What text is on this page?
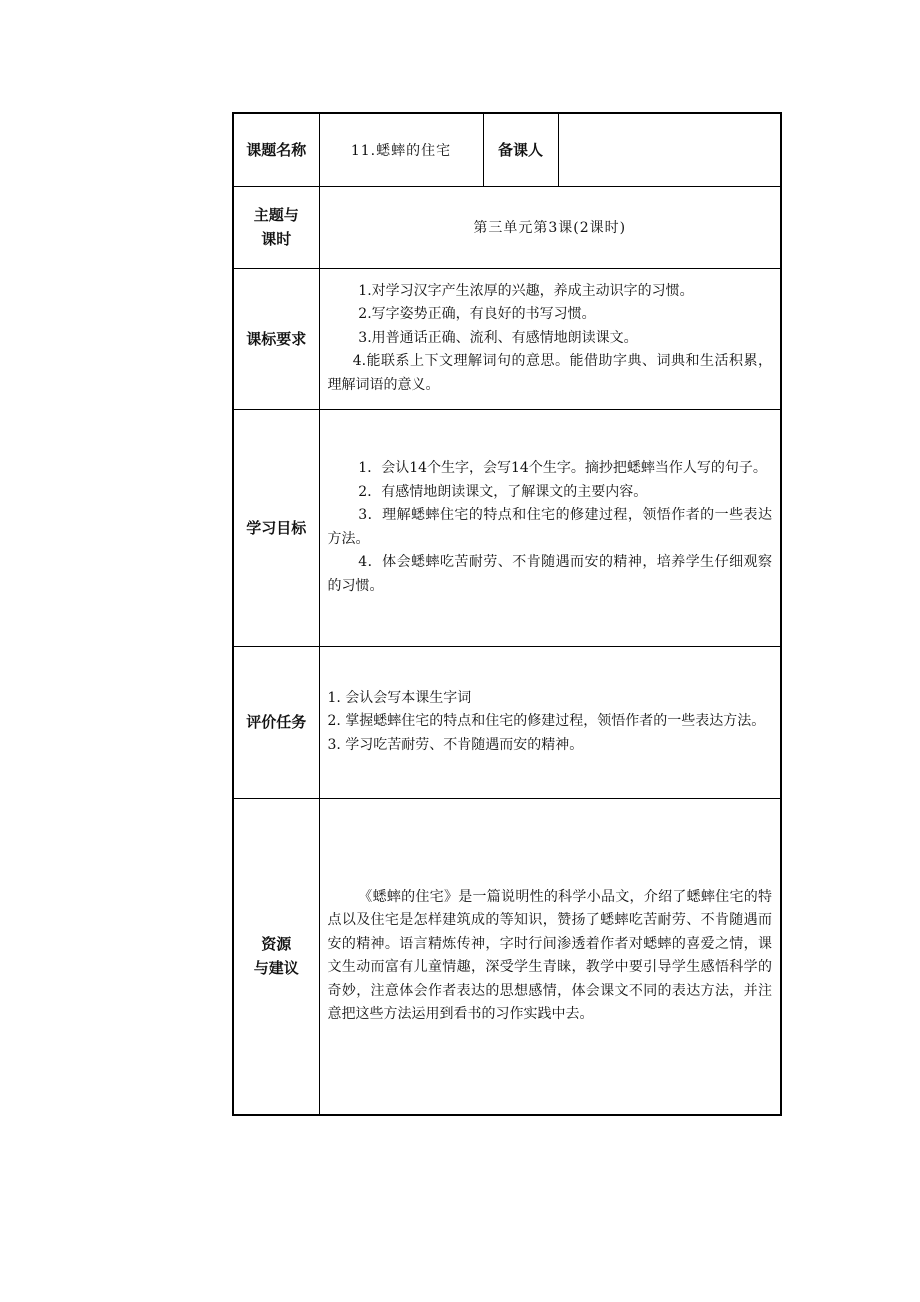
课题名称	11.蟋蟀的住宅	备课人	

主题与
课时	第三单元第3课(2课时)		
课标要求	1.对学习汉字产生浓厚的兴趣，养成主动识字的习惯。

2.写字姿势正确，有良好的书写习惯。

3.用普通话正确、流利、有感情地朗读课文。

4.能联系上下文理解词句的意思。能借助字典、词典和生活积累，理解词语的意义。		

学习目标	1．会认14个生字，会写14个生字。摘抄把蟋蟀当作人写的句子。

2．有感情地朗读课文，了解课文的主要内容。

3．理解蟋蟀住宅的特点和住宅的修建过程，领悟作者的一些表达方法。

4．体会蟋蟀吃苦耐劳、不肯随遇而安的精神，培养学生仔细观察的习惯。		

评价任务	1. 会认会写本课生字词

2. 掌握蟋蟀住宅的特点和住宅的修建过程，领悟作者的一些表达方法。

3. 学习吃苦耐劳、不肯随遇而安的精神。		

资源
与建议	《蟋蟀的住宅》是一篇说明性的科学小品文，介绍了蟋蟀住宅的特点以及住宅是怎样建筑成的等知识，赞扬了蟋蟀吃苦耐劳、不肯随遇而安的精神。语言精炼传神，字时行间渗透着作者对蟋蟀的喜爱之情，课文生动而富有儿童情趣，深受学生青睐，教学中要引导学生感悟科学的奇妙，注意体会作者表达的思想感情，体会课文不同的表达方法，并注意把这些方法运用到看书的习作实践中去。		
